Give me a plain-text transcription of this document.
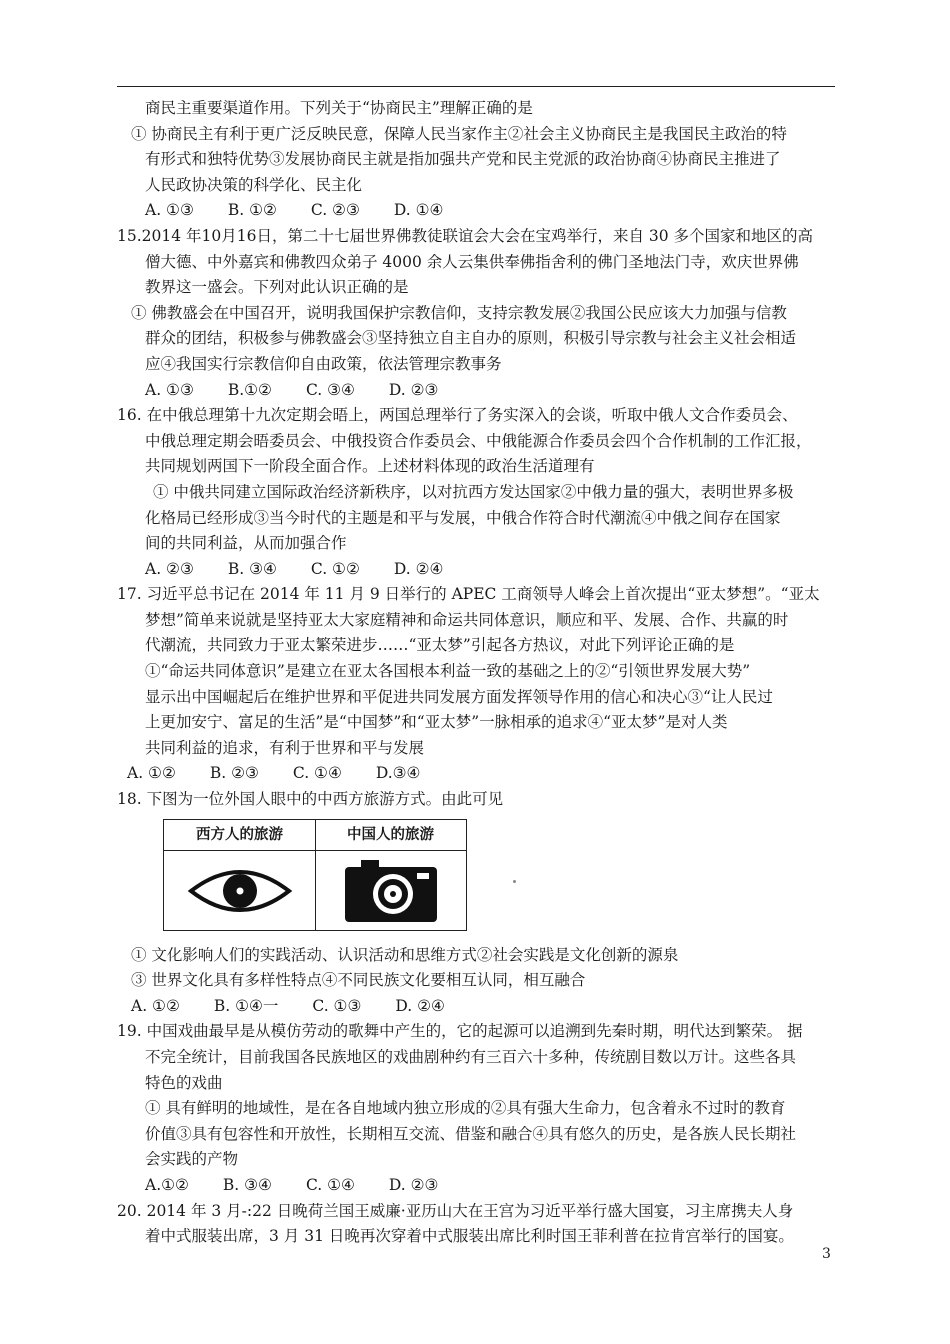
商民主重要渠道作用。下列关于“协商民主”理解正确的是
① 协商民主有利于更广泛反映民意，保障人民当家作主②社会主义协商民主是我国民主政治的特
有形式和独特优势③发展协商民主就是指加强共产党和民主党派的政治协商④协商民主推进了
人民政协决策的科学化、民主化
A. ①③ B. ①② C. ②③ D. ①④
15.2014 年10月16日，第二十七届世界佛教徒联谊会大会在宝鸡举行，来自 30 多个国家和地区的高
僧大德、中外嘉宾和佛教四众弟子 4000 余人云集供奉佛指舍利的佛门圣地法门寺，欢庆世界佛
教界这一盛会。下列对此认识正确的是
① 佛教盛会在中国召开，说明我国保护宗教信仰，支持宗教发展②我国公民应该大力加强与信教
群众的团结，积极参与佛教盛会③坚持独立自主自办的原则，积极引导宗教与社会主义社会相适
应④我国实行宗教信仰自由政策，依法管理宗教事务
A. ①③ B.①② C. ③④ D. ②③
16. 在中俄总理第十九次定期会晤上，两国总理举行了务实深入的会谈，听取中俄人文合作委员会、
中俄总理定期会晤委员会、中俄投资合作委员会、中俄能源合作委员会四个合作机制的工作汇报，
共同规划两国下一阶段全面合作。上述材料体现的政治生活道理有
① 中俄共同建立国际政治经济新秩序，以对抗西方发达国家②中俄力量的强大，表明世界多极
化格局已经形成③当今时代的主题是和平与发展，中俄合作符合时代潮流④中俄之间存在国家
间的共同利益，从而加强合作
A. ②③ B. ③④ C. ①② D. ②④
17. 习近平总书记在 2014 年 11 月 9 日举行的 APEC 工商领导人峰会上首次提出“亚太梦想”。“亚太
梦想”简单来说就是坚持亚太大家庭精神和命运共同体意识，顺应和平、发展、合作、共赢的时
代潮流，共同致力于亚太繁荣进步……“亚太梦”引起各方热议，对此下列评论正确的是
①“命运共同体意识”是建立在亚太各国根本利益一致的基础之上的②“引领世界发展大势”
显示出中国崛起后在维护世界和平促进共同发展方面发挥领导作用的信心和决心③“让人民过
上更加安宁、富足的生活”是“中国梦”和“亚太梦”一脉相承的追求④“亚太梦”是对人类
共同利益的追求，有利于世界和平与发展
A. ①② B. ②③ C. ①④ D.③④
18. 下图为一位外国人眼中的中西方旅游方式。由此可见
西方人的旅游	中国人的旅游
① 文化影响人们的实践活动、认识活动和思维方式②社会实践是文化创新的源泉
③ 世界文化具有多样性特点④不同民族文化要相互认同，相互融合
A. ①② B. ①④一 C. ①③ D. ②④
19. 中国戏曲最早是从模仿劳动的歌舞中产生的，它的起源可以追溯到先秦时期，明代达到繁荣。 据
不完全统计，目前我国各民族地区的戏曲剧种约有三百六十多种，传统剧目数以万计。这些各具
特色的戏曲
① 具有鲜明的地域性，是在各自地域内独立形成的②具有强大生命力，包含着永不过时的教育
价值③具有包容性和开放性，长期相互交流、借鉴和融合④具有悠久的历史，是各族人民长期社
会实践的产物
A.①② B. ③④ C. ①④ D. ②③
20. 2014 年 3 月-:22 日晚荷兰国王威廉·亚历山大在王宫为习近平举行盛大国宴，习主席携夫人身
着中式服装出席，3 月 31 日晚再次穿着中式服装出席比利时国王菲利普在拉肯宫举行的国宴。
3
